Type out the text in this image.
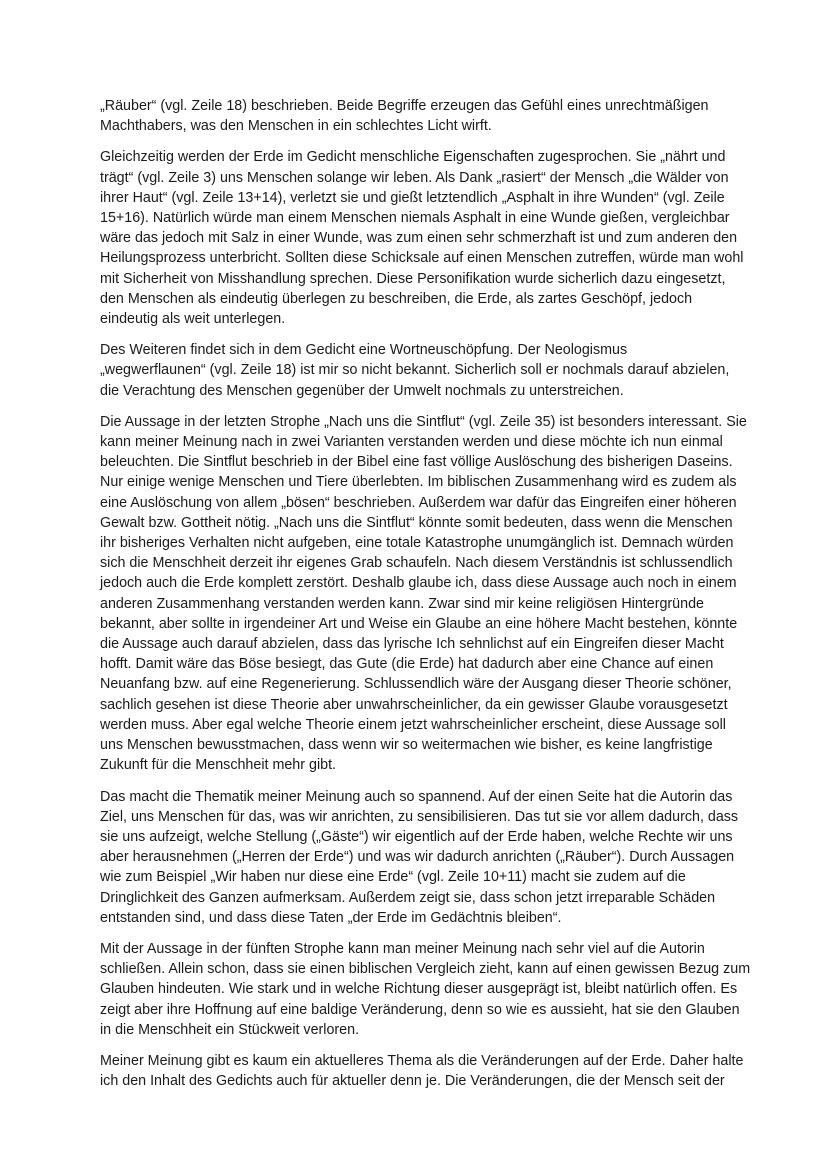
„Räuber“ (vgl. Zeile 18) beschrieben. Beide Begriffe erzeugen das Gefühl eines unrechtmäßigen
Machthabers, was den Menschen in ein schlechtes Licht wirft.

Gleichzeitig werden der Erde im Gedicht menschliche Eigenschaften zugesprochen. Sie „nährt und
trägt“ (vgl. Zeile 3) uns Menschen solange wir leben. Als Dank „rasiert“ der Mensch „die Wälder von
ihrer Haut“ (vgl. Zeile 13+14), verletzt sie und gießt letztendlich „Asphalt in ihre Wunden“ (vgl. Zeile
15+16). Natürlich würde man einem Menschen niemals Asphalt in eine Wunde gießen, vergleichbar
wäre das jedoch mit Salz in einer Wunde, was zum einen sehr schmerzhaft ist und zum anderen den
Heilungsprozess unterbricht. Sollten diese Schicksale auf einen Menschen zutreffen, würde man wohl
mit Sicherheit von Misshandlung sprechen. Diese Personifikation wurde sicherlich dazu eingesetzt,
den Menschen als eindeutig überlegen zu beschreiben, die Erde, als zartes Geschöpf, jedoch
eindeutig als weit unterlegen.

Des Weiteren findet sich in dem Gedicht eine Wortneuschöpfung. Der Neologismus
„wegwerflaunen“ (vgl. Zeile 18) ist mir so nicht bekannt. Sicherlich soll er nochmals darauf abzielen,
die Verachtung des Menschen gegenüber der Umwelt nochmals zu unterstreichen.

Die Aussage in der letzten Strophe „Nach uns die Sintflut“ (vgl. Zeile 35) ist besonders interessant. Sie
kann meiner Meinung nach in zwei Varianten verstanden werden und diese möchte ich nun einmal
beleuchten. Die Sintflut beschrieb in der Bibel eine fast völlige Auslöschung des bisherigen Daseins.
Nur einige wenige Menschen und Tiere überlebten. Im biblischen Zusammenhang wird es zudem als
eine Auslöschung von allem „bösen“ beschrieben. Außerdem war dafür das Eingreifen einer höheren
Gewalt bzw. Gottheit nötig. „Nach uns die Sintflut“ könnte somit bedeuten, dass wenn die Menschen
ihr bisheriges Verhalten nicht aufgeben, eine totale Katastrophe unumgänglich ist. Demnach würden
sich die Menschheit derzeit ihr eigenes Grab schaufeln. Nach diesem Verständnis ist schlussendlich
jedoch auch die Erde komplett zerstört. Deshalb glaube ich, dass diese Aussage auch noch in einem
anderen Zusammenhang verstanden werden kann. Zwar sind mir keine religiösen Hintergründe
bekannt, aber sollte in irgendeiner Art und Weise ein Glaube an eine höhere Macht bestehen, könnte
die Aussage auch darauf abzielen, dass das lyrische Ich sehnlichst auf ein Eingreifen dieser Macht
hofft. Damit wäre das Böse besiegt, das Gute (die Erde) hat dadurch aber eine Chance auf einen
Neuanfang bzw. auf eine Regenerierung. Schlussendlich wäre der Ausgang dieser Theorie schöner,
sachlich gesehen ist diese Theorie aber unwahrscheinlicher, da ein gewisser Glaube vorausgesetzt
werden muss. Aber egal welche Theorie einem jetzt wahrscheinlicher erscheint, diese Aussage soll
uns Menschen bewusstmachen, dass wenn wir so weitermachen wie bisher, es keine langfristige
Zukunft für die Menschheit mehr gibt.

Das macht die Thematik meiner Meinung auch so spannend. Auf der einen Seite hat die Autorin das
Ziel, uns Menschen für das, was wir anrichten, zu sensibilisieren. Das tut sie vor allem dadurch, dass
sie uns aufzeigt, welche Stellung („Gäste“) wir eigentlich auf der Erde haben, welche Rechte wir uns
aber herausnehmen („Herren der Erde“) und was wir dadurch anrichten („Räuber“). Durch Aussagen
wie zum Beispiel „Wir haben nur diese eine Erde“ (vgl. Zeile 10+11) macht sie zudem auf die
Dringlichkeit des Ganzen aufmerksam. Außerdem zeigt sie, dass schon jetzt irreparable Schäden
entstanden sind, und dass diese Taten „der Erde im Gedächtnis bleiben“.

Mit der Aussage in der fünften Strophe kann man meiner Meinung nach sehr viel auf die Autorin
schließen. Allein schon, dass sie einen biblischen Vergleich zieht, kann auf einen gewissen Bezug zum
Glauben hindeuten. Wie stark und in welche Richtung dieser ausgeprägt ist, bleibt natürlich offen. Es
zeigt aber ihre Hoffnung auf eine baldige Veränderung, denn so wie es aussieht, hat sie den Glauben
in die Menschheit ein Stückweit verloren.

Meiner Meinung gibt es kaum ein aktuelleres Thema als die Veränderungen auf der Erde. Daher halte
ich den Inhalt des Gedichts auch für aktueller denn je. Die Veränderungen, die der Mensch seit der
